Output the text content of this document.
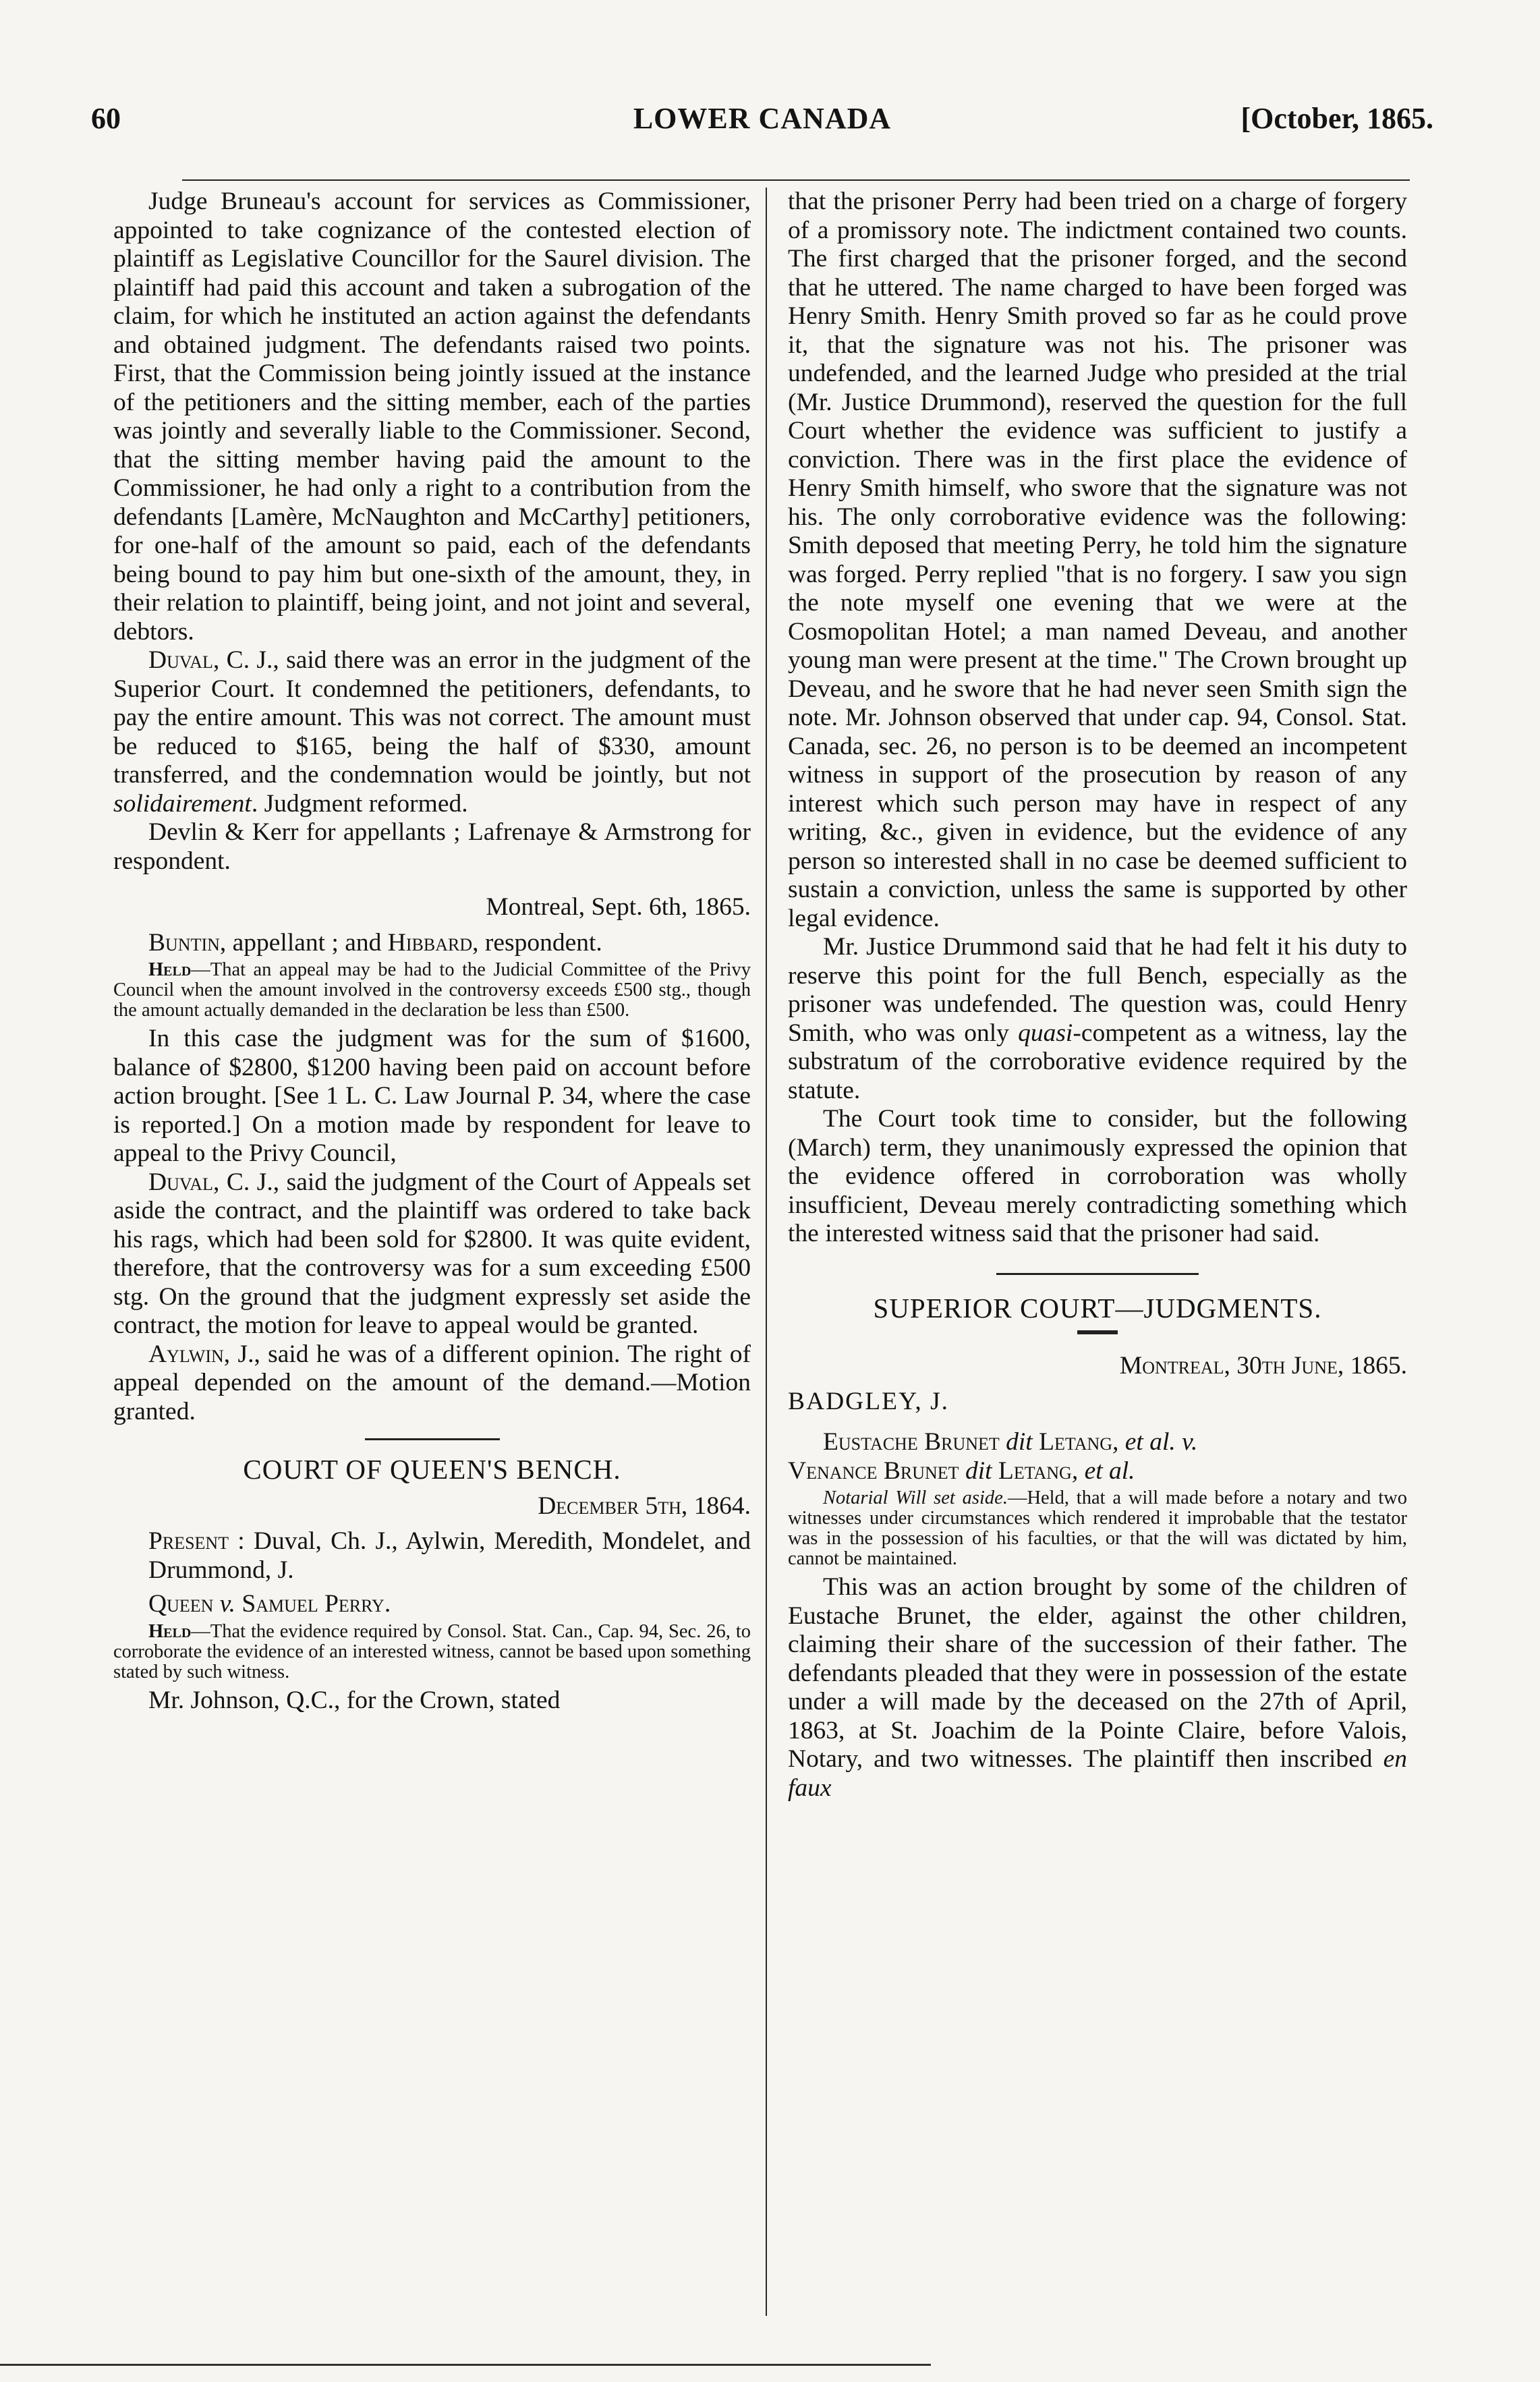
60	LOWER CANADA	[October, 1865.

Judge Bruneau's account for services as Commissioner, appointed to take cognizance of the contested election of plaintiff as Legislative Councillor for the Saurel division. The plaintiff had paid this account and taken a subrogation of the claim, for which he instituted an action against the defendants and obtained judgment. The defendants raised two points. First, that the Commission being jointly issued at the instance of the petitioners and the sitting member, each of the parties was jointly and severally liable to the Commissioner. Second, that the sitting member having paid the amount to the Commissioner, he had only a right to a contribution from the defendants [Lamère, McNaughton and McCarthy] petitioners, for one-half of the amount so paid, each of the defendants being bound to pay him but one-sixth of the amount, they, in their relation to plaintiff, being joint, and not joint and several, debtors.

Duval, C. J., said there was an error in the judgment of the Superior Court. It condemned the petitioners, defendants, to pay the entire amount. This was not correct. The amount must be reduced to $165, being the half of $330, amount transferred, and the condemnation would be jointly, but not solidairement. Judgment reformed.

Devlin & Kerr for appellants ; Lafrenaye & Armstrong for respondent.

Montreal, Sept. 6th, 1865.

Buntin, appellant ; and Hibbard, respondent.

Held—That an appeal may be had to the Judicial Committee of the Privy Council when the amount involved in the controversy exceeds £500 stg., though the amount actually demanded in the declaration be less than £500.

In this case the judgment was for the sum of $1600, balance of $2800, $1200 having been paid on account before action brought. [See 1 L. C. Law Journal P. 34, where the case is reported.] On a motion made by respondent for leave to appeal to the Privy Council,

Duval, C. J., said the judgment of the Court of Appeals set aside the contract, and the plaintiff was ordered to take back his rags, which had been sold for $2800. It was quite evident, therefore, that the controversy was for a sum exceeding £500 stg. On the ground that the judgment expressly set aside the contract, the motion for leave to appeal would be granted.

Aylwin, J., said he was of a different opinion. The right of appeal depended on the amount of the demand.—Motion granted.

COURT OF QUEEN'S BENCH.

December 5th, 1864.

Present : Duval, Ch. J., Aylwin, Meredith, Mondelet, and Drummond, J.

Queen v. Samuel Perry.

Held—That the evidence required by Consol. Stat. Can., Cap. 94, Sec. 26, to corroborate the evidence of an interested witness, cannot be based upon something stated by such witness.

Mr. Johnson, Q.C., for the Crown, stated

that the prisoner Perry had been tried on a charge of forgery of a promissory note. The indictment contained two counts. The first charged that the prisoner forged, and the second that he uttered. The name charged to have been forged was Henry Smith. Henry Smith proved so far as he could prove it, that the signature was not his. The prisoner was undefended, and the learned Judge who presided at the trial (Mr. Justice Drummond), reserved the question for the full Court whether the evidence was sufficient to justify a conviction. There was in the first place the evidence of Henry Smith himself, who swore that the signature was not his. The only corroborative evidence was the following: Smith deposed that meeting Perry, he told him the signature was forged. Perry replied "that is no forgery. I saw you sign the note myself one evening that we were at the Cosmopolitan Hotel; a man named Deveau, and another young man were present at the time." The Crown brought up Deveau, and he swore that he had never seen Smith sign the note. Mr. Johnson observed that under cap. 94, Consol. Stat. Canada, sec. 26, no person is to be deemed an incompetent witness in support of the prosecution by reason of any interest which such person may have in respect of any writing, &c., given in evidence, but the evidence of any person so interested shall in no case be deemed sufficient to sustain a conviction, unless the same is supported by other legal evidence.

Mr. Justice Drummond said that he had felt it his duty to reserve this point for the full Bench, especially as the prisoner was undefended. The question was, could Henry Smith, who was only quasi-competent as a witness, lay the substratum of the corroborative evidence required by the statute.

The Court took time to consider, but the following (March) term, they unanimously expressed the opinion that the evidence offered in corroboration was wholly insufficient, Deveau merely contradicting something which the interested witness said that the prisoner had said.

SUPERIOR COURT—JUDGMENTS.

Montreal, 30th June, 1865.

BADGLEY, J.

Eustache Brunet dit Letang, et al. v.

Venance Brunet dit Letang, et al.

Notarial Will set aside.—Held, that a will made before a notary and two witnesses under circumstances which rendered it improbable that the testator was in the possession of his faculties, or that the will was dictated by him, cannot be maintained.

This was an action brought by some of the children of Eustache Brunet, the elder, against the other children, claiming their share of the succession of their father. The defendants pleaded that they were in possession of the estate under a will made by the deceased on the 27th of April, 1863, at St. Joachim de la Pointe Claire, before Valois, Notary, and two witnesses. The plaintiff then inscribed en faux
